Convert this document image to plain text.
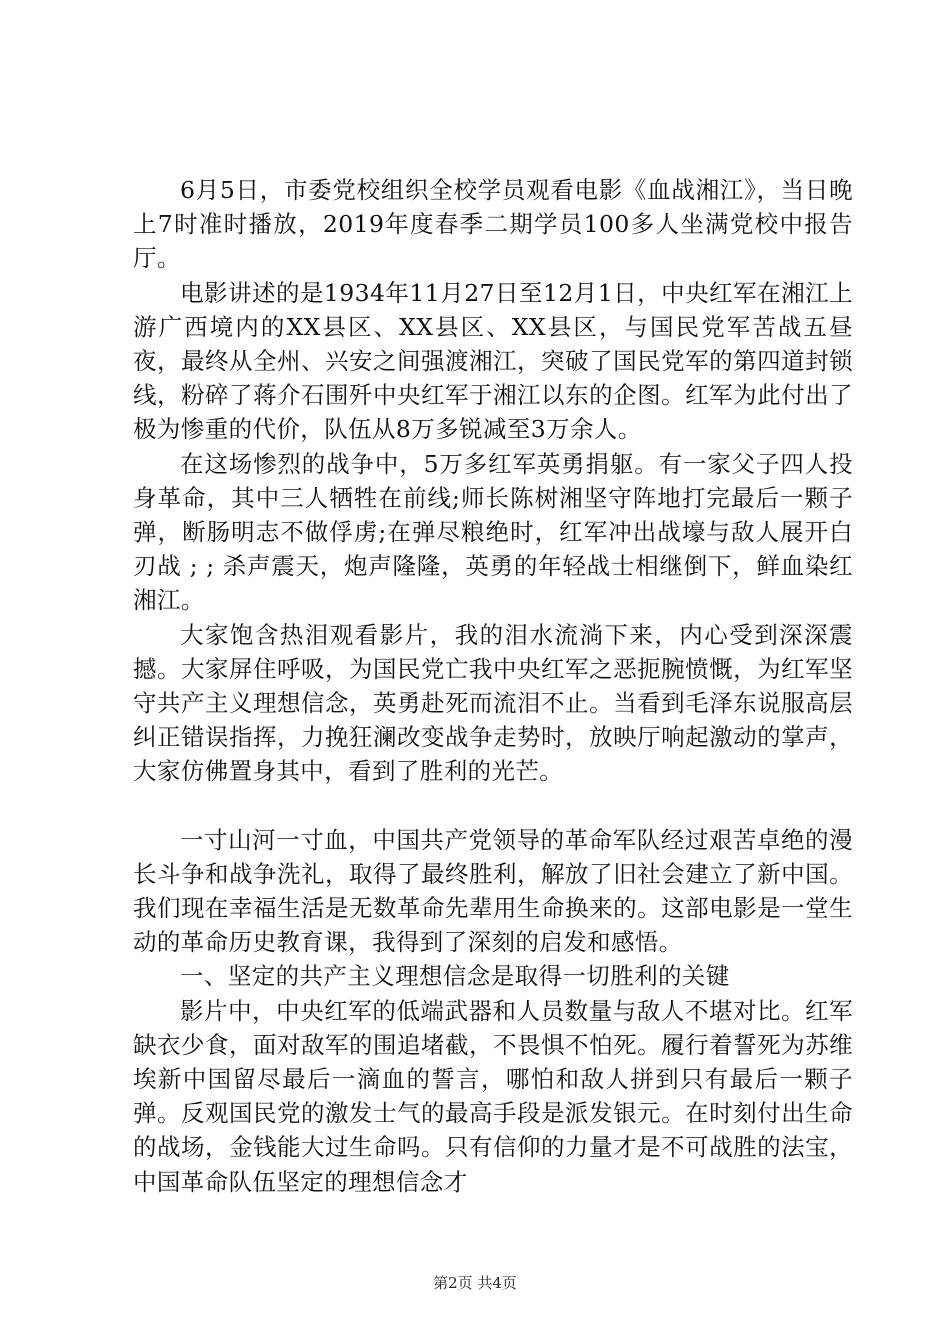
6月5日，市委党校组织全校学员观看电影《血战湘江》，当日晚上7时准时播放，2019年度春季二期学员100多人坐满党校中报告厅。

电影讲述的是1934年11月27日至12月1日，中央红军在湘江上游广西境内的XX县区、XX县区、XX县区，与国民党军苦战五昼夜，最终从全州、兴安之间强渡湘江，突破了国民党军的第四道封锁线，粉碎了蒋介石围歼中央红军于湘江以东的企图。红军为此付出了极为惨重的代价，队伍从8万多锐减至3万余人。

在这场惨烈的战争中，5万多红军英勇捐躯。有一家父子四人投身革命，其中三人牺牲在前线;师长陈树湘坚守阵地打完最后一颗子弹，断肠明志不做俘虏;在弹尽粮绝时，红军冲出战壕与敌人展开白刃战 ; ; 杀声震天，炮声隆隆，英勇的年轻战士相继倒下，鲜血染红湘江。

大家饱含热泪观看影片，我的泪水流淌下来，内心受到深深震撼。大家屏住呼吸，为国民党亡我中央红军之恶扼腕愤慨，为红军坚守共产主义理想信念，英勇赴死而流泪不止。当看到毛泽东说服高层纠正错误指挥，力挽狂澜改变战争走势时，放映厅响起激动的掌声，大家仿佛置身其中，看到了胜利的光芒。

一寸山河一寸血，中国共产党领导的革命军队经过艰苦卓绝的漫长斗争和战争洗礼，取得了最终胜利，解放了旧社会建立了新中国。我们现在幸福生活是无数革命先辈用生命换来的。这部电影是一堂生动的革命历史教育课，我得到了深刻的启发和感悟。

一、坚定的共产主义理想信念是取得一切胜利的关键

影片中，中央红军的低端武器和人员数量与敌人不堪对比。红军缺衣少食，面对敌军的围追堵截，不畏惧不怕死。履行着誓死为苏维埃新中国留尽最后一滴血的誓言，哪怕和敌人拼到只有最后一颗子弹。反观国民党的激发士气的最高手段是派发银元。在时刻付出生命的战场，金钱能大过生命吗。只有信仰的力量才是不可战胜的法宝，中国革命队伍坚定的理想信念才

第2页 共4页
